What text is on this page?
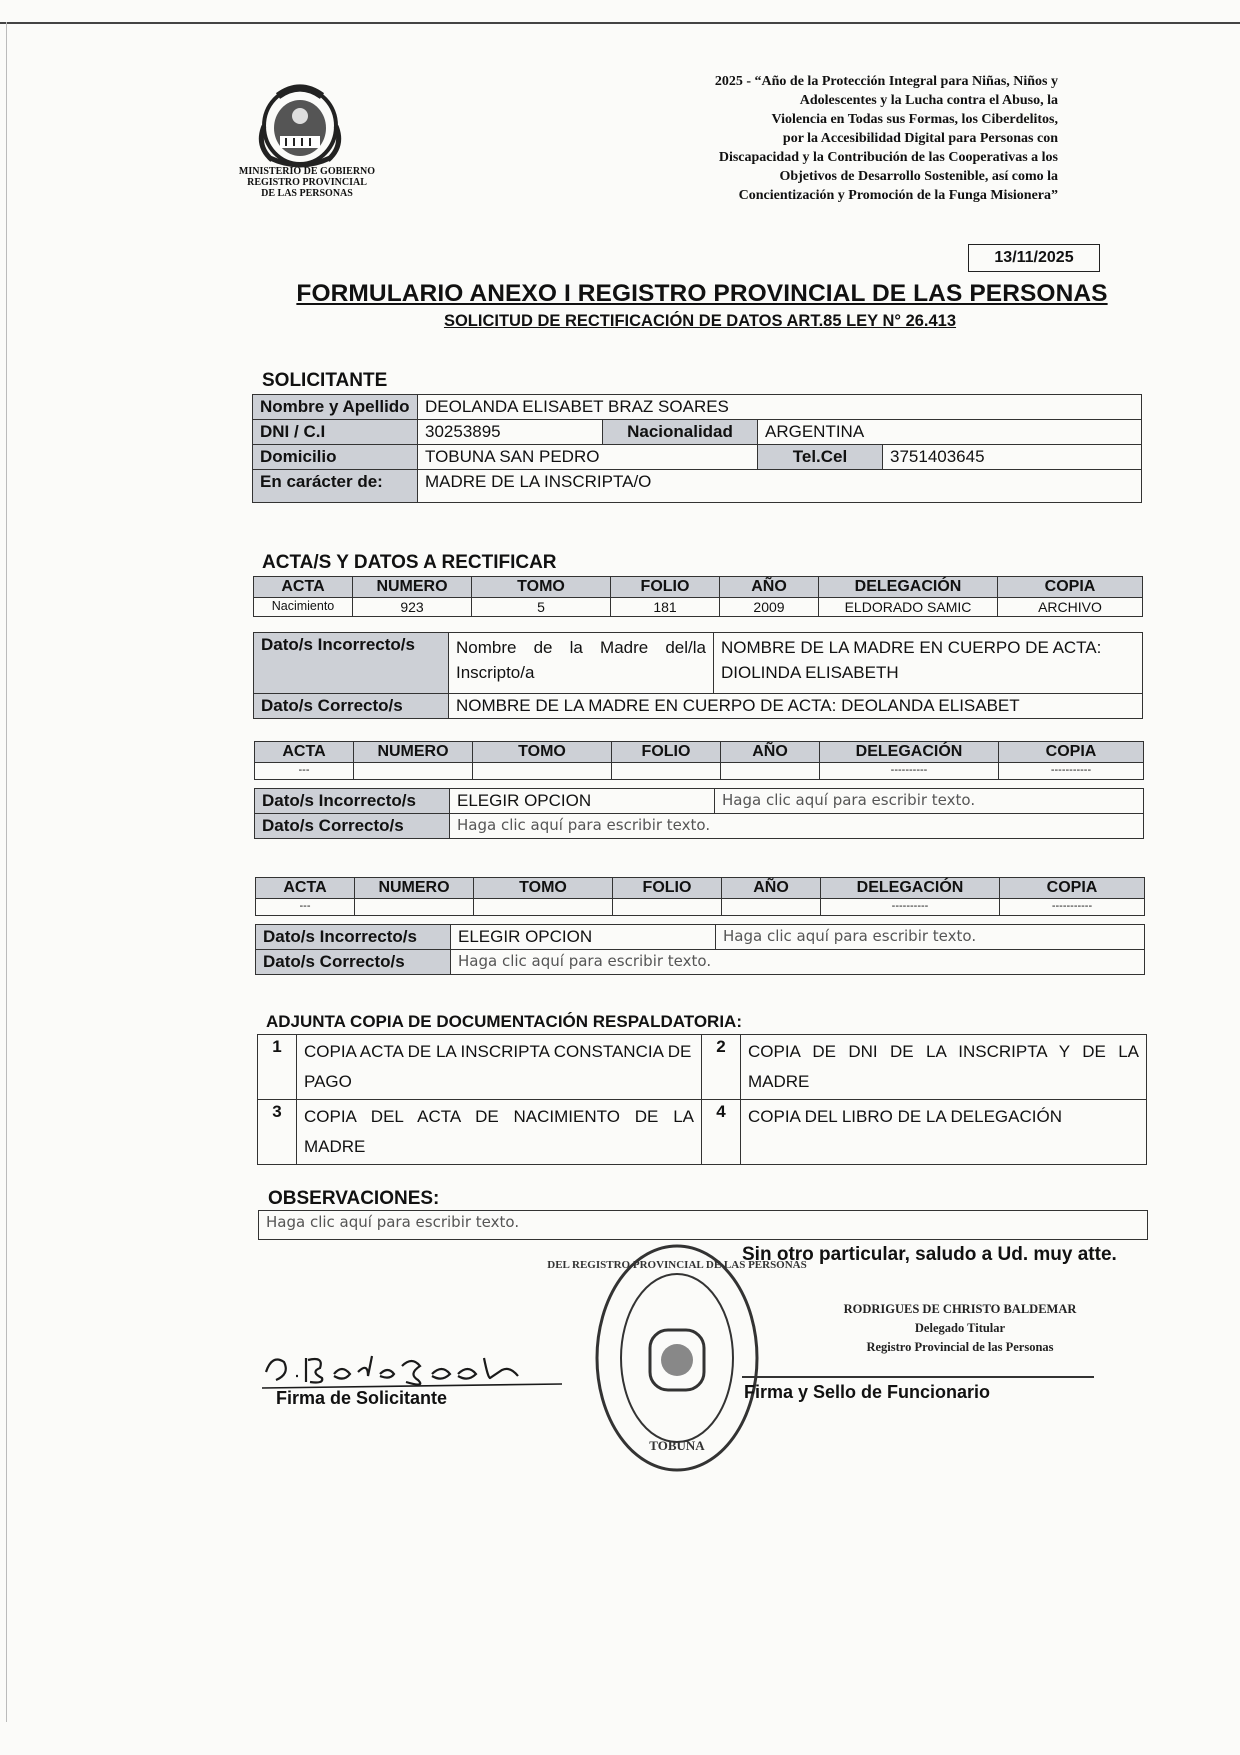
MINISTERIO DE GOBIERNO
REGISTRO PROVINCIAL
DE LAS PERSONAS
2025 - “Año de la Protección Integral para Niñas, Niños y
Adolescentes y la Lucha contra el Abuso, la
Violencia en Todas sus Formas, los Ciberdelitos,
por la Accesibilidad Digital para Personas con
Discapacidad y la Contribución de las Cooperativas a los
Objetivos de Desarrollo Sostenible, así como la
Concientización y Promoción de la Funga Misionera”
13/11/2025
FORMULARIO ANEXO I REGISTRO PROVINCIAL DE LAS PERSONAS
SOLICITUD DE RECTIFICACIÓN DE DATOS ART.85 LEY N° 26.413
SOLICITANTE
Nombre y Apellido	DEOLANDA ELISABET BRAZ SOARES			
DNI / C.I	30253895	Nacionalidad	ARGENTINA	
Domicilio	TOBUNA SAN PEDRO		Tel.Cel	3751403645
En carácter de:	MADRE DE LA INSCRIPTA/O			
ACTA/S Y DATOS A RECTIFICAR
ACTA	NUMERO	TOMO	FOLIO	AÑO	DELEGACIÓN	COPIA
Nacimiento	923	5	181	2009	ELDORADO SAMIC	ARCHIVO
Dato/s Incorrecto/s	Nombre de la Madre del/la Inscripto/a	NOMBRE DE LA MADRE EN CUERPO DE ACTA: DIOLINDA ELISABETH
Dato/s Correcto/s	NOMBRE DE LA MADRE EN CUERPO DE ACTA: DEOLANDA ELISABET	
ACTA	NUMERO	TOMO	FOLIO	AÑO	DELEGACIÓN	COPIA
---					----------	-----------
Dato/s Incorrecto/s	ELEGIR OPCION	Haga clic aquí para escribir texto.
Dato/s Correcto/s	Haga clic aquí para escribir texto.	
ACTA	NUMERO	TOMO	FOLIO	AÑO	DELEGACIÓN	COPIA
---					----------	-----------
Dato/s Incorrecto/s	ELEGIR OPCION	Haga clic aquí para escribir texto.
Dato/s Correcto/s	Haga clic aquí para escribir texto.	
ADJUNTA COPIA DE DOCUMENTACIÓN RESPALDATORIA:
1	COPIA ACTA DE LA INSCRIPTA CONSTANCIA DE PAGO	2	COPIA DE DNI DE LA INSCRIPTA Y DE LA MADRE
3	COPIA DEL ACTA DE NACIMIENTO DE LA MADRE	4	COPIA DEL LIBRO DE LA DELEGACIÓN
OBSERVACIONES:
Haga clic aquí para escribir texto.
Sin otro particular, saludo a Ud. muy atte.
DEL REGISTRO PROVINCIAL DE LAS PERSONAS
TOBUNA
Firma de Solicitante
RODRIGUES DE CHRISTO BALDEMAR
Delegado Titular
Registro Provincial de las Personas
Firma y Sello de Funcionario
